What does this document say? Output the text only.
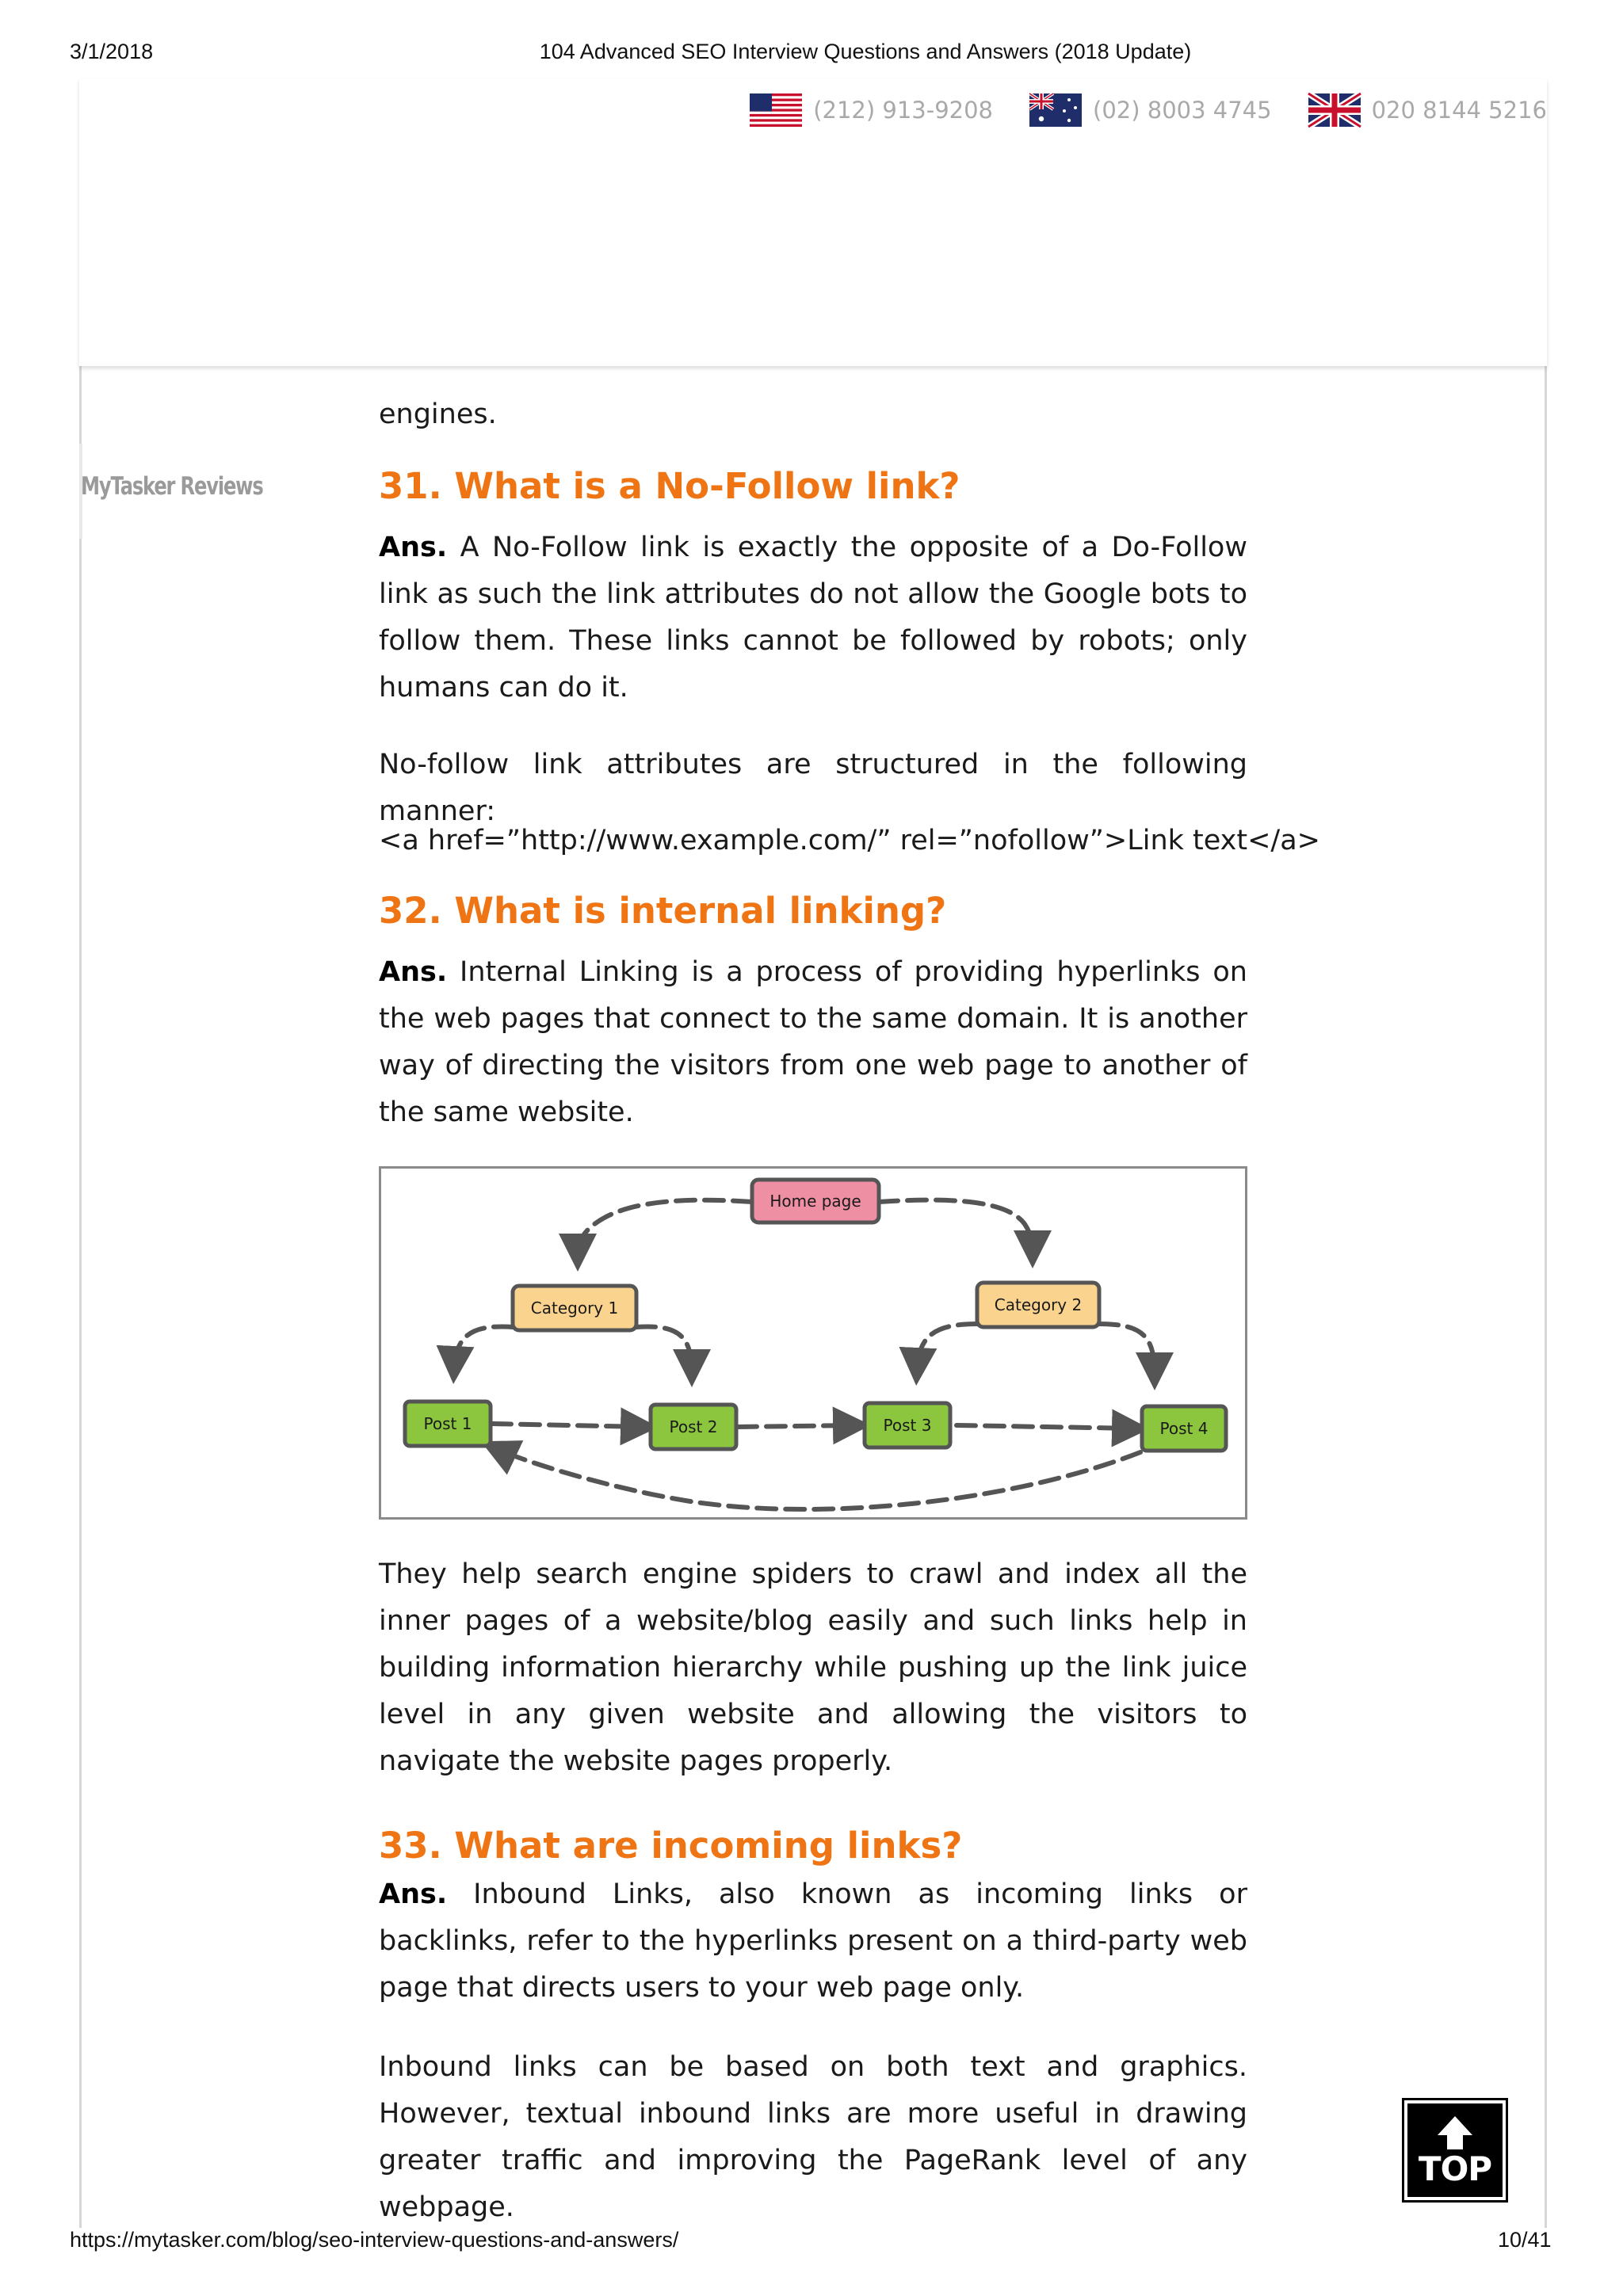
3/1/2018	104 Advanced SEO Interview Questions and Answers (2018 Update)
(212) 913-9208	(02) 8003 4745	020 8144 5216
MyTasker Reviews

engines.

31. What is a No-Follow link?

Ans. A No-Follow link is exactly the opposite of a Do-Follow link as such the link attributes do not allow the Google bots to follow them. These links cannot be followed by robots; only humans can do it.

No-follow link attributes are structured in the following manner:

<a href=”http://www.example.com/” rel=”nofollow”>Link text</a>

32. What is internal linking?

Ans. Internal Linking is a process of providing hyperlinks on the web pages that connect to the same domain. It is another way of directing the visitors from one web page to another of the same website.

They help search engine spiders to crawl and index all the inner pages of a website/blog easily and such links help in building information hierarchy while pushing up the link juice level in any given website and allowing the visitors to navigate the website pages properly.

33. What are incoming links?

Ans. Inbound Links, also known as incoming links or backlinks, refer to the hyperlinks present on a third-party web page that directs users to your web page only.

Inbound links can be based on both text and graphics. However, textual inbound links are more useful in drawing greater traffic and improving the PageRank level of any webpage.

Home page
Category 1	Category 2
Post 1	Post 2	Post 3	Post 4
TOP
https://mytasker.com/blog/seo-interview-questions-and-answers/	10/41
